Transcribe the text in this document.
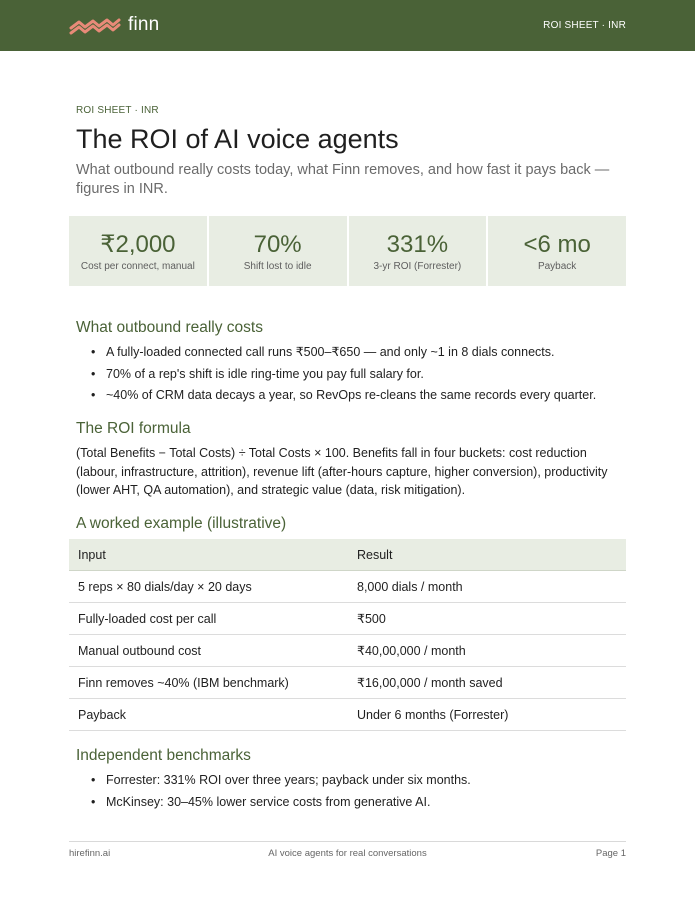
finn	ROI SHEET · INR
ROI SHEET · INR
The ROI of AI voice agents
What outbound really costs today, what Finn removes, and how fast it pays back — figures in INR.
₹2,000
Cost per connect, manual
70%
Shift lost to idle
331%
3-yr ROI (Forrester)
<6 mo
Payback
What outbound really costs
• A fully-loaded connected call runs ₹500–₹650 — and only ~1 in 8 dials connects.
• 70% of a rep's shift is idle ring-time you pay full salary for.
• ~40% of CRM data decays a year, so RevOps re-cleans the same records every quarter.
The ROI formula

(Total Benefits − Total Costs) ÷ Total Costs × 100. Benefits fall in four buckets: cost reduction (labour, infrastructure, attrition), revenue lift (after-hours capture, higher conversion), productivity (lower AHT, QA automation), and strategic value (data, risk mitigation).

A worked example (illustrative)
Input	Result
5 reps × 80 dials/day × 20 days	8,000 dials / month
Fully-loaded cost per call	₹500
Manual outbound cost	₹40,00,000 / month
Finn removes ~40% (IBM benchmark)	₹16,00,000 / month saved
Payback	Under 6 months (Forrester)
Independent benchmarks
• Forrester: 331% ROI over three years; payback under six months.
• McKinsey: 30–45% lower service costs from generative AI.
hirefinn.ai	AI voice agents for real conversations	Page 1
